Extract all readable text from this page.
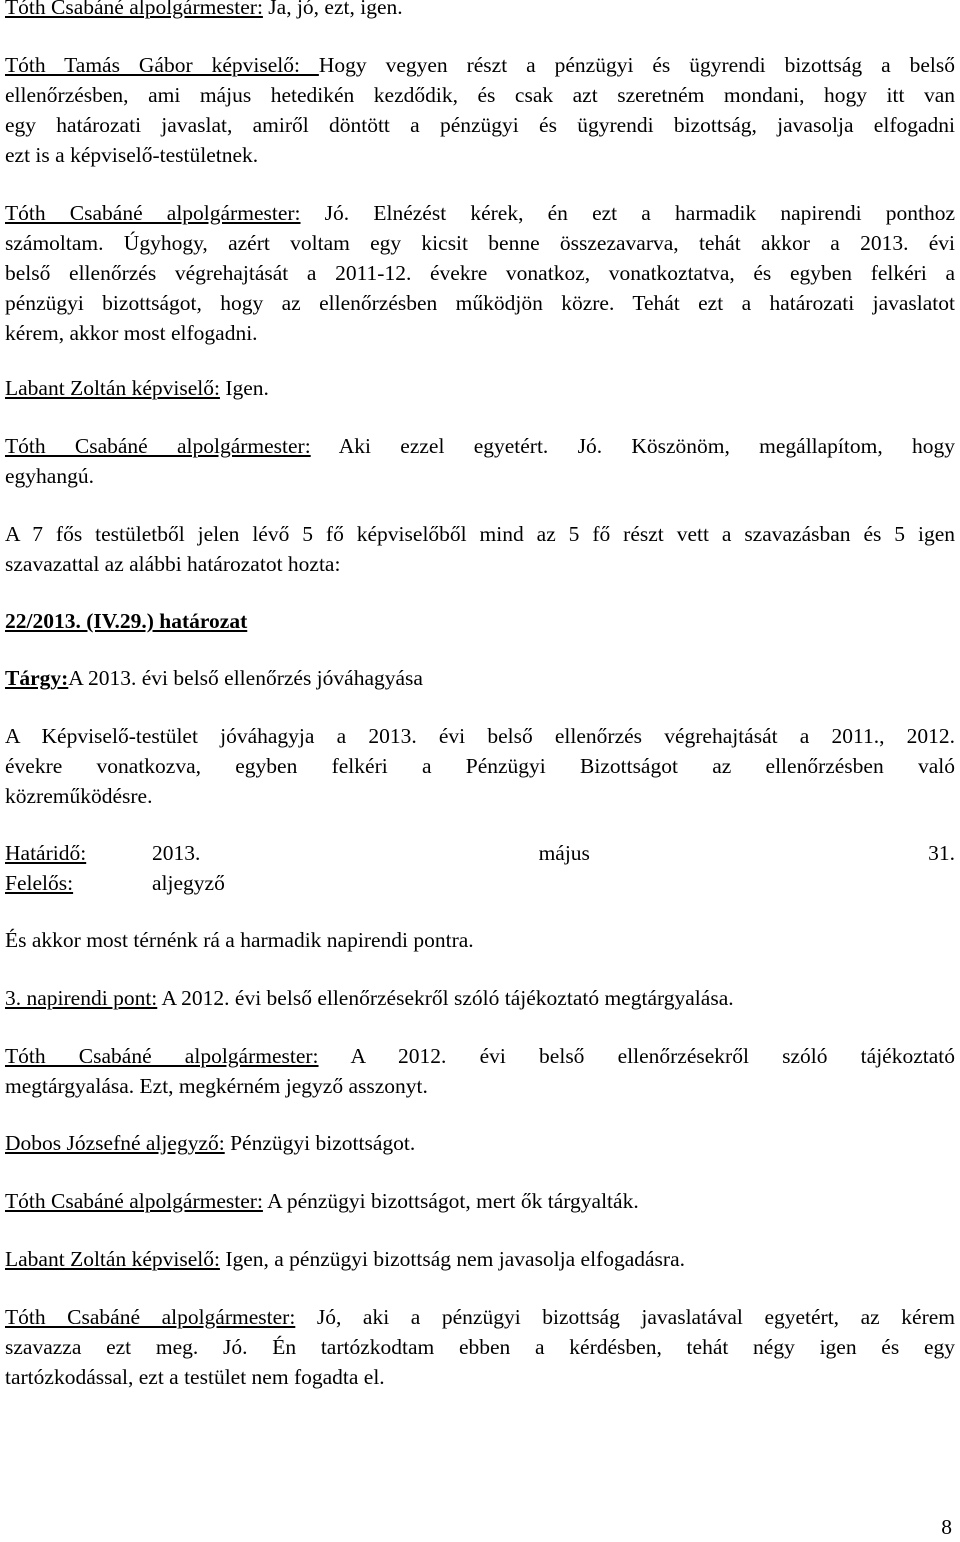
Tóth Csabáné alpolgármester: Ja, jó, ezt, igen.
Tóth Tamás Gábor képviselő: Hogy vegyen részt a pénzügyi és ügyrendi bizottság a belső
ellenőrzésben, ami május hetedikén kezdődik, és csak azt szeretném mondani, hogy itt van
egy határozati javaslat, amiről döntött a pénzügyi és ügyrendi bizottság, javasolja elfogadni
ezt is a képviselő-testületnek.
Tóth Csabáné alpolgármester: Jó. Elnézést kérek, én ezt a harmadik napirendi ponthoz
számoltam. Úgyhogy, azért voltam egy kicsit benne összezavarva, tehát akkor a 2013. évi
belső ellenőrzés végrehajtását a 2011-12. évekre vonatkoz, vonatkoztatva, és egyben felkéri a
pénzügyi bizottságot, hogy az ellenőrzésben működjön közre. Tehát ezt a határozati javaslatot
kérem, akkor most elfogadni.
Labant Zoltán képviselő: Igen.
Tóth Csabáné alpolgármester: Aki ezzel egyetért. Jó. Köszönöm, megállapítom, hogy
egyhangú.
A 7 fős testületből jelen lévő 5 fő képviselőből mind az 5 fő részt vett a szavazásban és 5 igen
szavazattal az alábbi határozatot hozta:
22/2013. (IV.29.) határozat
Tárgy:A 2013. évi belső ellenőrzés jóváhagyása
A Képviselő-testület jóváhagyja a 2013. évi belső ellenőrzés végrehajtását a 2011., 2012.
évekre vonatkozva, egyben felkéri a Pénzügyi Bizottságot az ellenőrzésben való
közreműködésre.
Határidő:	2013. május 31.
Felelős:	aljegyző
És akkor most térnénk rá a harmadik napirendi pontra.
3. napirendi pont: A 2012. évi belső ellenőrzésekről szóló tájékoztató megtárgyalása.
Tóth Csabáné alpolgármester: A 2012. évi belső ellenőrzésekről szóló tájékoztató
megtárgyalása. Ezt, megkérném jegyző asszonyt.
Dobos Józsefné aljegyző: Pénzügyi bizottságot.
Tóth Csabáné alpolgármester: A pénzügyi bizottságot, mert ők tárgyalták.
Labant Zoltán képviselő: Igen, a pénzügyi bizottság nem javasolja elfogadásra.
Tóth Csabáné alpolgármester: Jó, aki a pénzügyi bizottság javaslatával egyetért, az kérem
szavazza ezt meg. Jó. Én tartózkodtam ebben a kérdésben, tehát négy igen és egy
tartózkodással, ezt a testület nem fogadta el.
8
